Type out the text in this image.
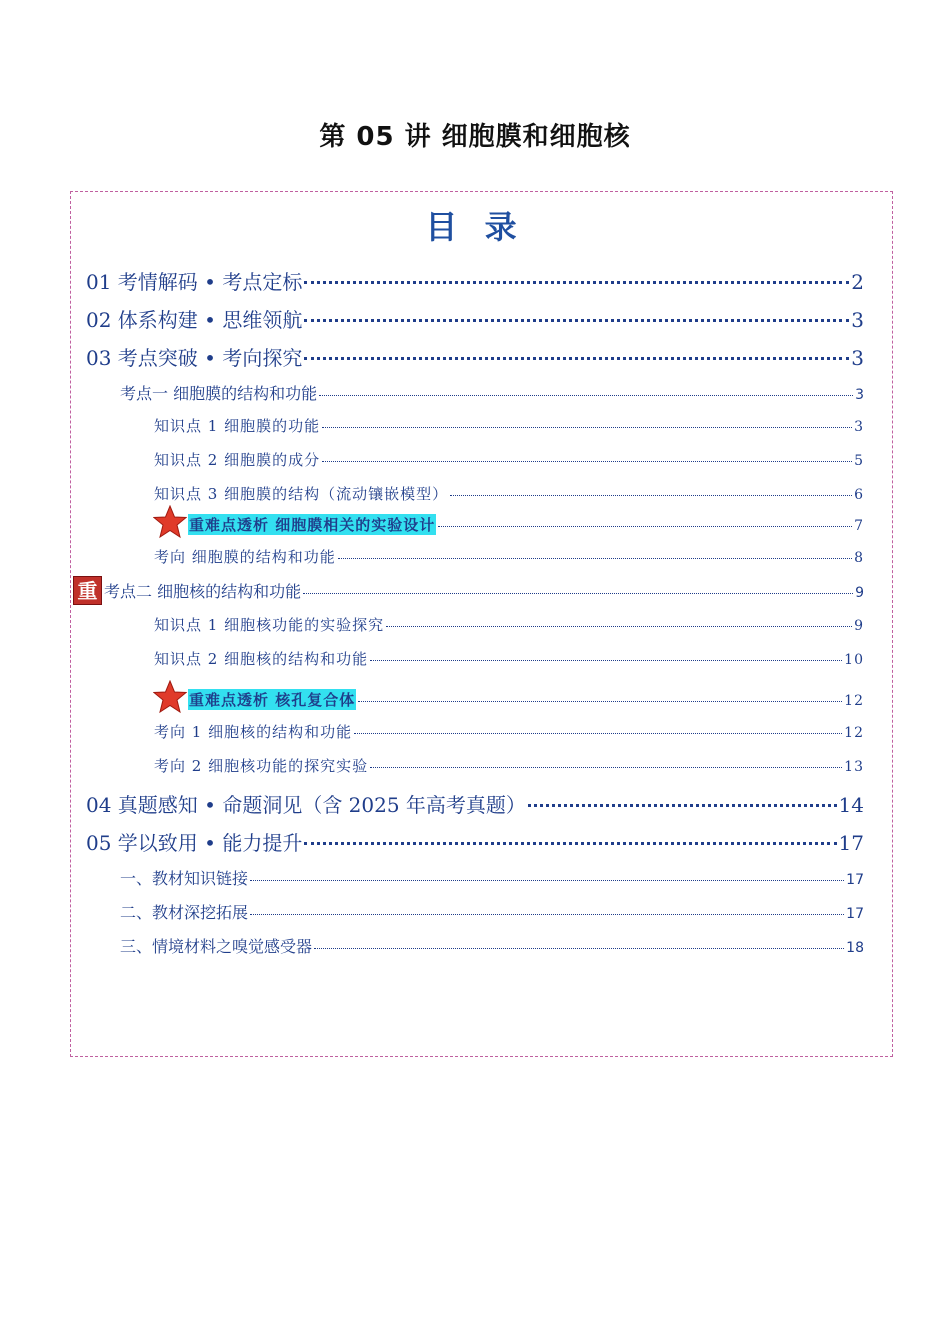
第 05 讲 细胞膜和细胞核
目 录
01 考情解码 • 考点定标	2
02 体系构建 • 思维领航	3
03 考点突破 • 考向探究	3
考点一 细胞膜的结构和功能	3
知识点 1 细胞膜的功能	3
知识点 2 细胞膜的成分	5
知识点 3 细胞膜的结构（流动镶嵌模型）	6
重难点透析 细胞膜相关的实验设计	7
考向 细胞膜的结构和功能	8
重 考点二 细胞核的结构和功能	9
知识点 1 细胞核功能的实验探究	9
知识点 2 细胞核的结构和功能	10
重难点透析 核孔复合体	12
考向 1 细胞核的结构和功能	12
考向 2 细胞核功能的探究实验	13
04 真题感知 • 命题洞见（含 2025 年高考真题）	14
05 学以致用 • 能力提升	17
一、教材知识链接	17
二、教材深挖拓展	17
三、情境材料之嗅觉感受器	18
